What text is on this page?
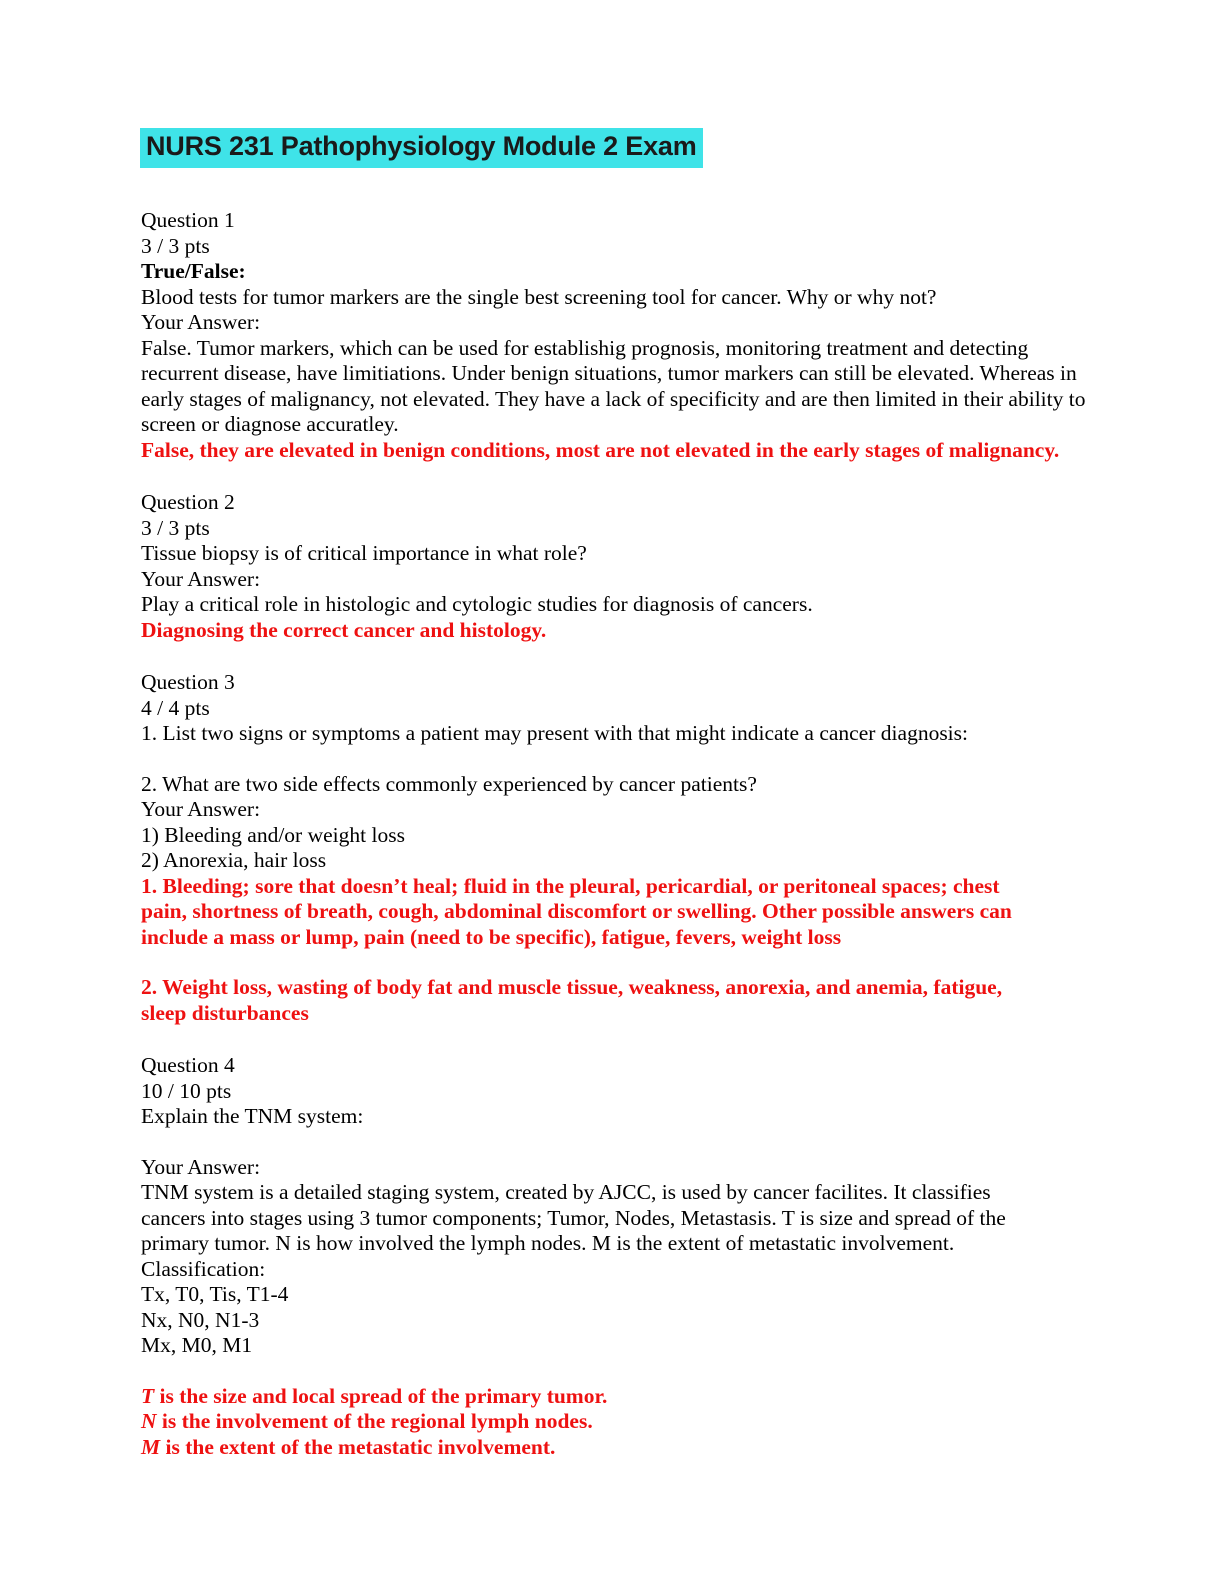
NURS 231 Pathophysiology Module 2 Exam

Question 1

3 / 3 pts

True/False:

Blood tests for tumor markers are the single best screening tool for cancer. Why or why not?

Your Answer:

False. Tumor markers, which can be used for establishig prognosis, monitoring treatment and detecting recurrent disease, have limitiations. Under benign situations, tumor markers can still be elevated. Whereas in early stages of malignancy, not elevated. They have a lack of specificity and are then limited in their ability to screen or diagnose accuratley.

False, they are elevated in benign conditions, most are not elevated in the early stages of malignancy.

Question 2

3 / 3 pts

Tissue biopsy is of critical importance in what role?

Your Answer:

Play a critical role in histologic and cytologic studies for diagnosis of cancers.

Diagnosing the correct cancer and histology.

Question 3

4 / 4 pts

1. List two signs or symptoms a patient may present with that might indicate a cancer diagnosis:

2. What are two side effects commonly experienced by cancer patients?

Your Answer:

1) Bleeding and/or weight loss

2) Anorexia, hair loss

1. Bleeding; sore that doesn’t heal; fluid in the pleural, pericardial, or peritoneal spaces; chest pain, shortness of breath, cough, abdominal discomfort or swelling. Other possible answers can include a mass or lump, pain (need to be specific), fatigue, fevers, weight loss

2. Weight loss, wasting of body fat and muscle tissue, weakness, anorexia, and anemia, fatigue, sleep disturbances

Question 4

10 / 10 pts

Explain the TNM system:

Your Answer:

TNM system is a detailed staging system, created by AJCC, is used by cancer facilites. It classifies cancers into stages using 3 tumor components; Tumor, Nodes, Metastasis. T is size and spread of the primary tumor. N is how involved the lymph nodes. M is the extent of metastatic involvement.

Classification:

Tx, T0, Tis, T1-4

Nx, N0, N1-3

Mx, M0, M1

T is the size and local spread of the primary tumor.

N is the involvement of the regional lymph nodes.

M is the extent of the metastatic involvement.
